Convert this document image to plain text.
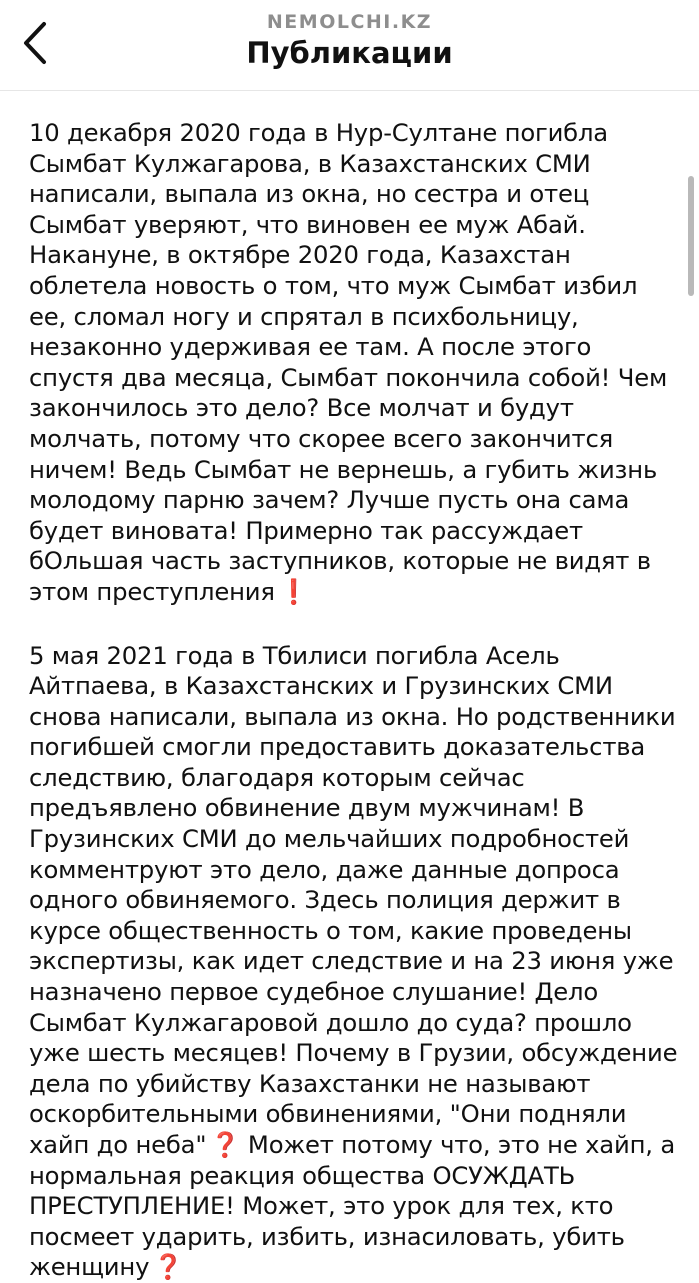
NEMOLCHI.KZ
Публикации
10 декабря 2020 года в Нур-Султане погибла
Сымбат Кулжагарова, в Казахстанских СМИ
написали, выпала из окна, но сестра и отец
Сымбат уверяют, что виновен ее муж Абай.
Накануне, в октябре 2020 года, Казахстан
облетела новость о том, что муж Сымбат избил
ее, сломал ногу и спрятал в психбольницу,
незаконно удерживая ее там. А после этого
спустя два месяца, Сымбат покончила собой! Чем
закончилось это дело? Все молчат и будут
молчать, потому что скорее всего закончится
ничем! Ведь Сымбат не вернешь, а губить жизнь
молодому парню зачем? Лучше пусть она сама
будет виновата! Примерно так рассуждает
бОльшая часть заступников, которые не видят в
этом преступления ❗
5 мая 2021 года в Тбилиси погибла Асель
Айтпаева, в Казахстанских и Грузинских СМИ
снова написали, выпала из окна. Но родственники
погибшей смогли предоставить доказательства
следствию, благодаря которым сейчас
предъявлено обвинение двум мужчинам! В
Грузинских СМИ до мельчайших подробностей
комментруют это дело, даже данные допроса
одного обвиняемого. Здесь полиция держит в
курсе общественность о том, какие проведены
экспертизы, как идет следствие и на 23 июня уже
назначено первое судебное слушание! Дело
Сымбат Кулжагаровой дошло до суда? прошло
уже шесть месяцев! Почему в Грузии, обсуждение
дела по убийству Казахстанки не называют
оскорбительными обвинениями, "Они подняли
хайп до неба" ❓ Может потому что, это не хайп, а
нормальная реакция общества ОСУЖДАТЬ
ПРЕСТУПЛЕНИЕ! Может, это урок для тех, кто
посмеет ударить, избить, изнасиловать, убить
женщину ❓
